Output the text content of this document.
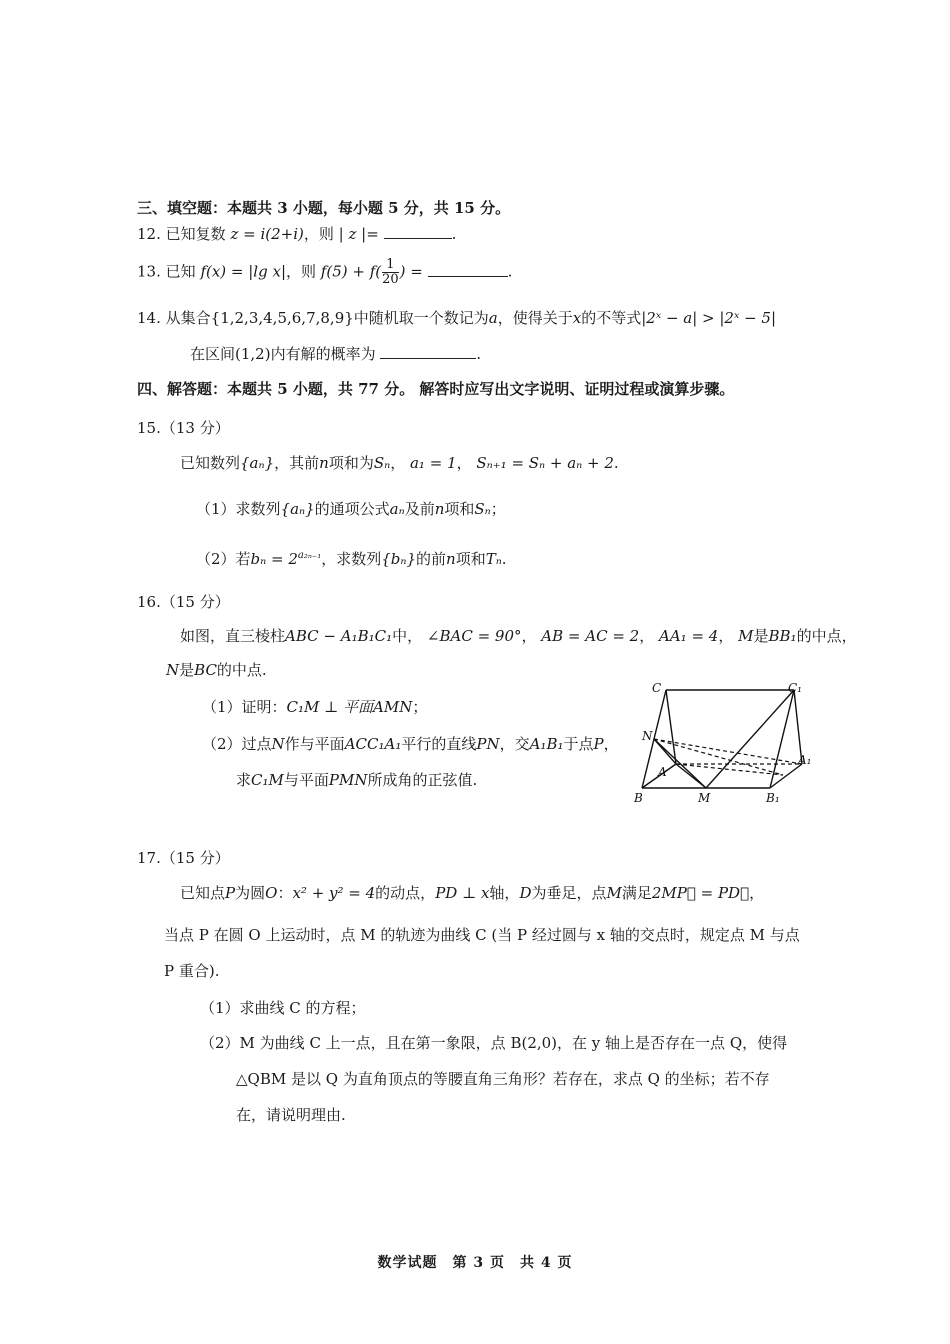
三、填空题：本题共 3 小题，每小题 5 分，共 15 分。
12. 已知复数 z = i(2+i)，则 | z |=	.
13. 已知 f(x) = |lg x|，则 $f(5) + f( \frac{1}{20}$ ) =	.
14. 从集合{1,2,3,4,5,6,7,8,9}中随机取一个数记为a，使得关于x的不等式|2ˣ − a| > |2ˣ − 5|
在区间(1,2)内有解的概率为	.
四、解答题：本题共 5 小题，共 77 分。 解答时应写出文字说明、证明过程或演算步骤。
15.（13 分）
已知数列{aₙ}，其前n项和为Sₙ， a₁ = 1， Sₙ₊₁ = Sₙ + aₙ + 2.
（1）求数列{aₙ}的通项公式aₙ及前n项和Sₙ；
（2）若$b_n = 2^{a_{2n-1}}$，求数列{bₙ}的前n项和Tₙ.
16.（15 分）
如图，直三棱柱ABC − A₁B₁C₁中， ∠BAC = 90°， AB = AC = 2， AA₁ = 4， M是BB₁的中点，
N是BC的中点.
（1）证明：C₁M ⊥ 平面AMN；
（2）过点N作与平面ACC₁A₁平行的直线PN，交A₁B₁于点P，
求C₁M与平面PMN所成角的正弦值.
C	C₁
N
A
A₁
B	M	B₁
17.（15 分）
已知点P为圆O：x² + y² = 4的动点，PD ⊥ x轴，D为垂足，点M满足2MP⃗ = PD⃗，
当点 P 在圆 O 上运动时，点 M 的轨迹为曲线 C (当 P 经过圆与 x 轴的交点时，规定点 M 与点
P 重合).
（1）求曲线 C 的方程；
（2）M 为曲线 C 上一点，且在第一象限，点 B(2,0)，在 y 轴上是否存在一点 Q，使得
△QBM 是以 Q 为直角顶点的等腰直角三角形？若存在，求点 Q 的坐标；若不存
在，请说明理由.
数学试题　第 3 页　共 4 页
